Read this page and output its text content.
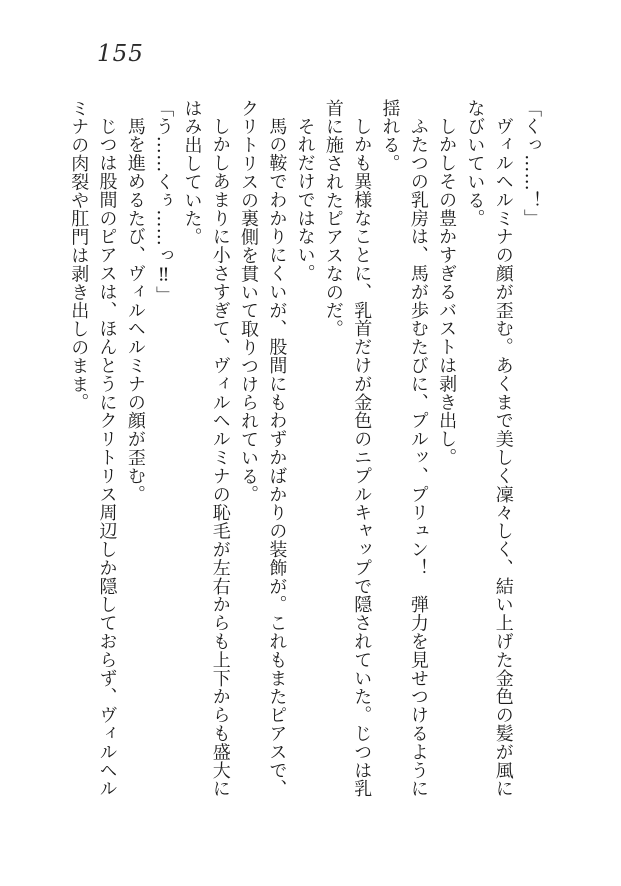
155

「くっ……！」

ヴィルヘルミナの顔が歪む。あくまで美しく凜々しく、結い上げた金色の髪が風になびいている。

しかしその豊かすぎるバストは剥き出し。

ふたつの乳房は、馬が歩むたびに、プルッ、プリュン！　弾力を見せつけるように揺れる。

しかも異様なことに、乳首だけが金色のニプルキャップで隠されていた。じつは乳首に施されたピアスなのだ。

それだけではない。

馬の鞍でわかりにくいが、股間にもわずかばかりの装飾が。これもまたピアスで、クリトリスの裏側を貫いて取りつけられている。

しかしあまりに小さすぎて、ヴィルヘルミナの恥毛が左右からも上下からも盛大にはみ出していた。

「う……くぅ……っ‼」

馬を進めるたび、ヴィルヘルミナの顔が歪む。

じつは股間のピアスは、ほんとうにクリトリス周辺しか隠しておらず、ヴィルヘルミナの肉裂や肛門は剥き出しのまま。
